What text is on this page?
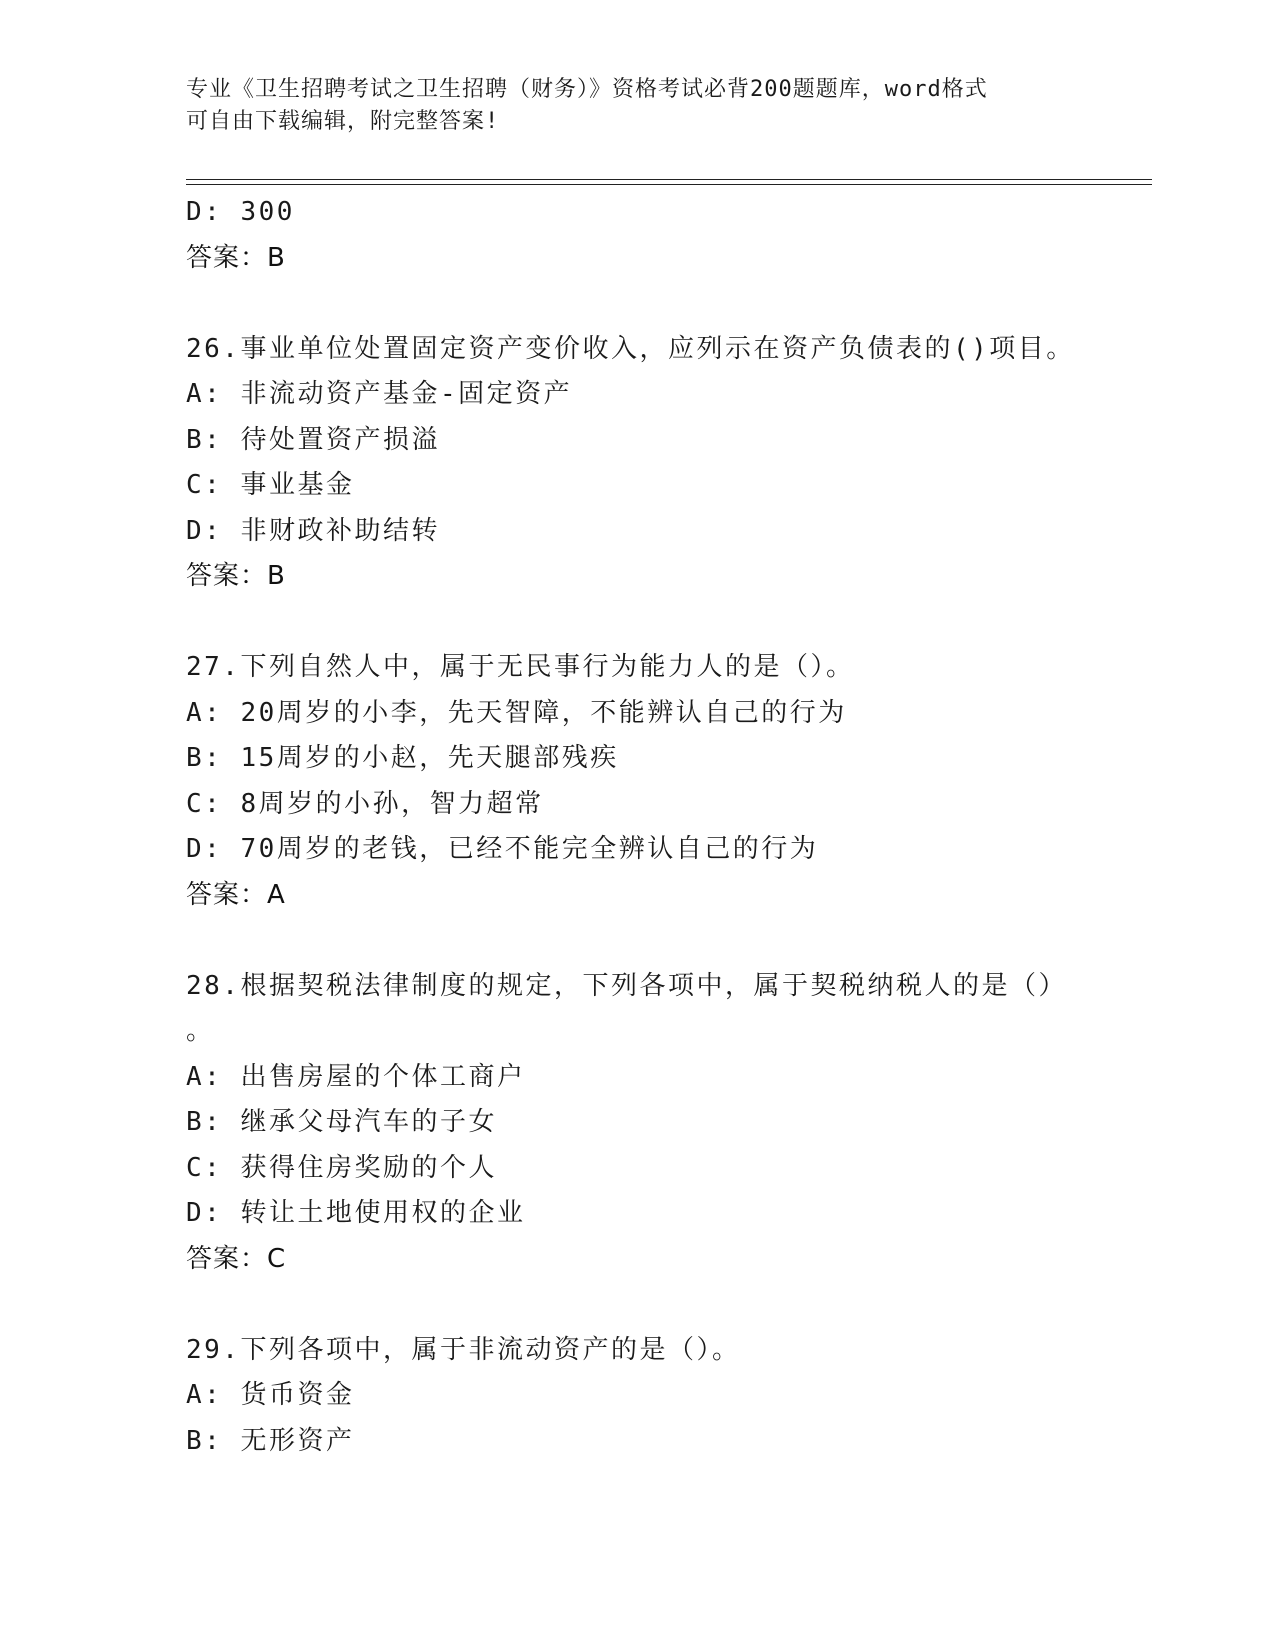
专业《卫生招聘考试之卫生招聘（财务）》资格考试必背200题题库，word格式
可自由下载编辑，附完整答案!
D: 300
答案：B
26.事业单位处置固定资产变价收入，应列示在资产负债表的()项目。
A: 非流动资产基金-固定资产
B: 待处置资产损溢
C: 事业基金
D: 非财政补助结转
答案：B
27.下列自然人中，属于无民事行为能力人的是（）。
A: 20周岁的小李，先天智障，不能辨认自己的行为
B: 15周岁的小赵，先天腿部残疾
C: 8周岁的小孙，智力超常
D: 70周岁的老钱，已经不能完全辨认自己的行为
答案：A
28.根据契税法律制度的规定，下列各项中，属于契税纳税人的是（）
。
A: 出售房屋的个体工商户
B: 继承父母汽车的子女
C: 获得住房奖励的个人
D: 转让土地使用权的企业
答案：C
29.下列各项中，属于非流动资产的是（）。
A: 货币资金
B: 无形资产
